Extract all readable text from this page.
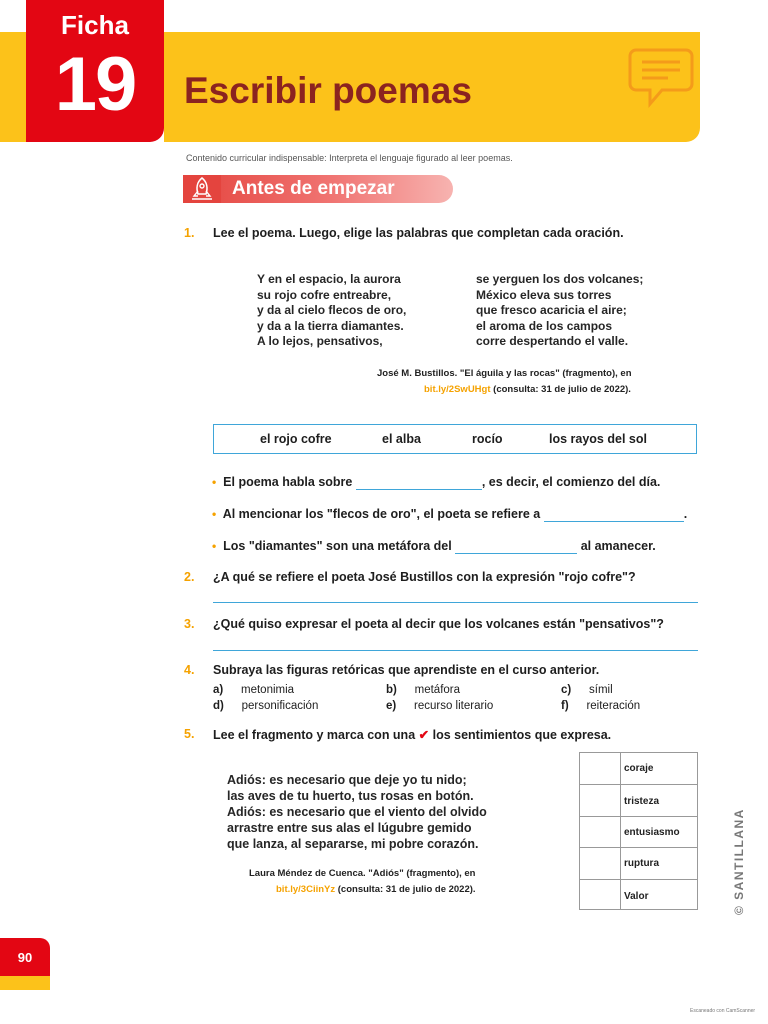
Ficha
19	Escribir poemas
Contenido curricular indispensable: Interpreta el lenguaje figurado al leer poemas.
Antes de empezar
1. Lee el poema. Luego, elige las palabras que completan cada oración.
Y en el espacio, la aurora
su rojo cofre entreabre,
y da al cielo flecos de oro,
y da a la tierra diamantes.
A lo lejos, pensativos,
se yerguen los dos volcanes;
México eleva sus torres
que fresco acaricia el aire;
el aroma de los campos
corre despertando el valle.
José M. Bustillos. "El águila y las rocas" (fragmento), en
bit.ly/2SwUHgt (consulta: 31 de julio de 2022).
el rojo cofre	el alba	rocío	los rayos del sol
• El poema habla sobre	, es decir, el comienzo del día.
• Al mencionar los "flecos de oro", el poeta se refiere a	.
• Los "diamantes" son una metáfora del	al amanecer.
2. ¿A qué se refiere el poeta José Bustillos con la expresión "rojo cofre"?
3. ¿Qué quiso expresar el poeta al decir que los volcanes están "pensativos"?
4. Subraya las figuras retóricas que aprendiste en el curso anterior.
a) metonimia	b) metáfora	c) símil
d) personificación	e) recurso literario	f) reiteración
5. Lee el fragmento y marca con una ✔ los sentimientos que expresa.
Adiós: es necesario que deje yo tu nido;
las aves de tu huerto, tus rosas en botón.
Adiós: es necesario que el viento del olvido
arrastre entre sus alas el lúgubre gemido
que lanza, al separarse, mi pobre corazón.
Laura Méndez de Cuenca. "Adiós" (fragmento), en
bit.ly/3CiinYz (consulta: 31 de julio de 2022).
coraje
tristeza
entusiasmo
ruptura
Valor
90
© SANTILLANA
Escaneado con CamScanner
